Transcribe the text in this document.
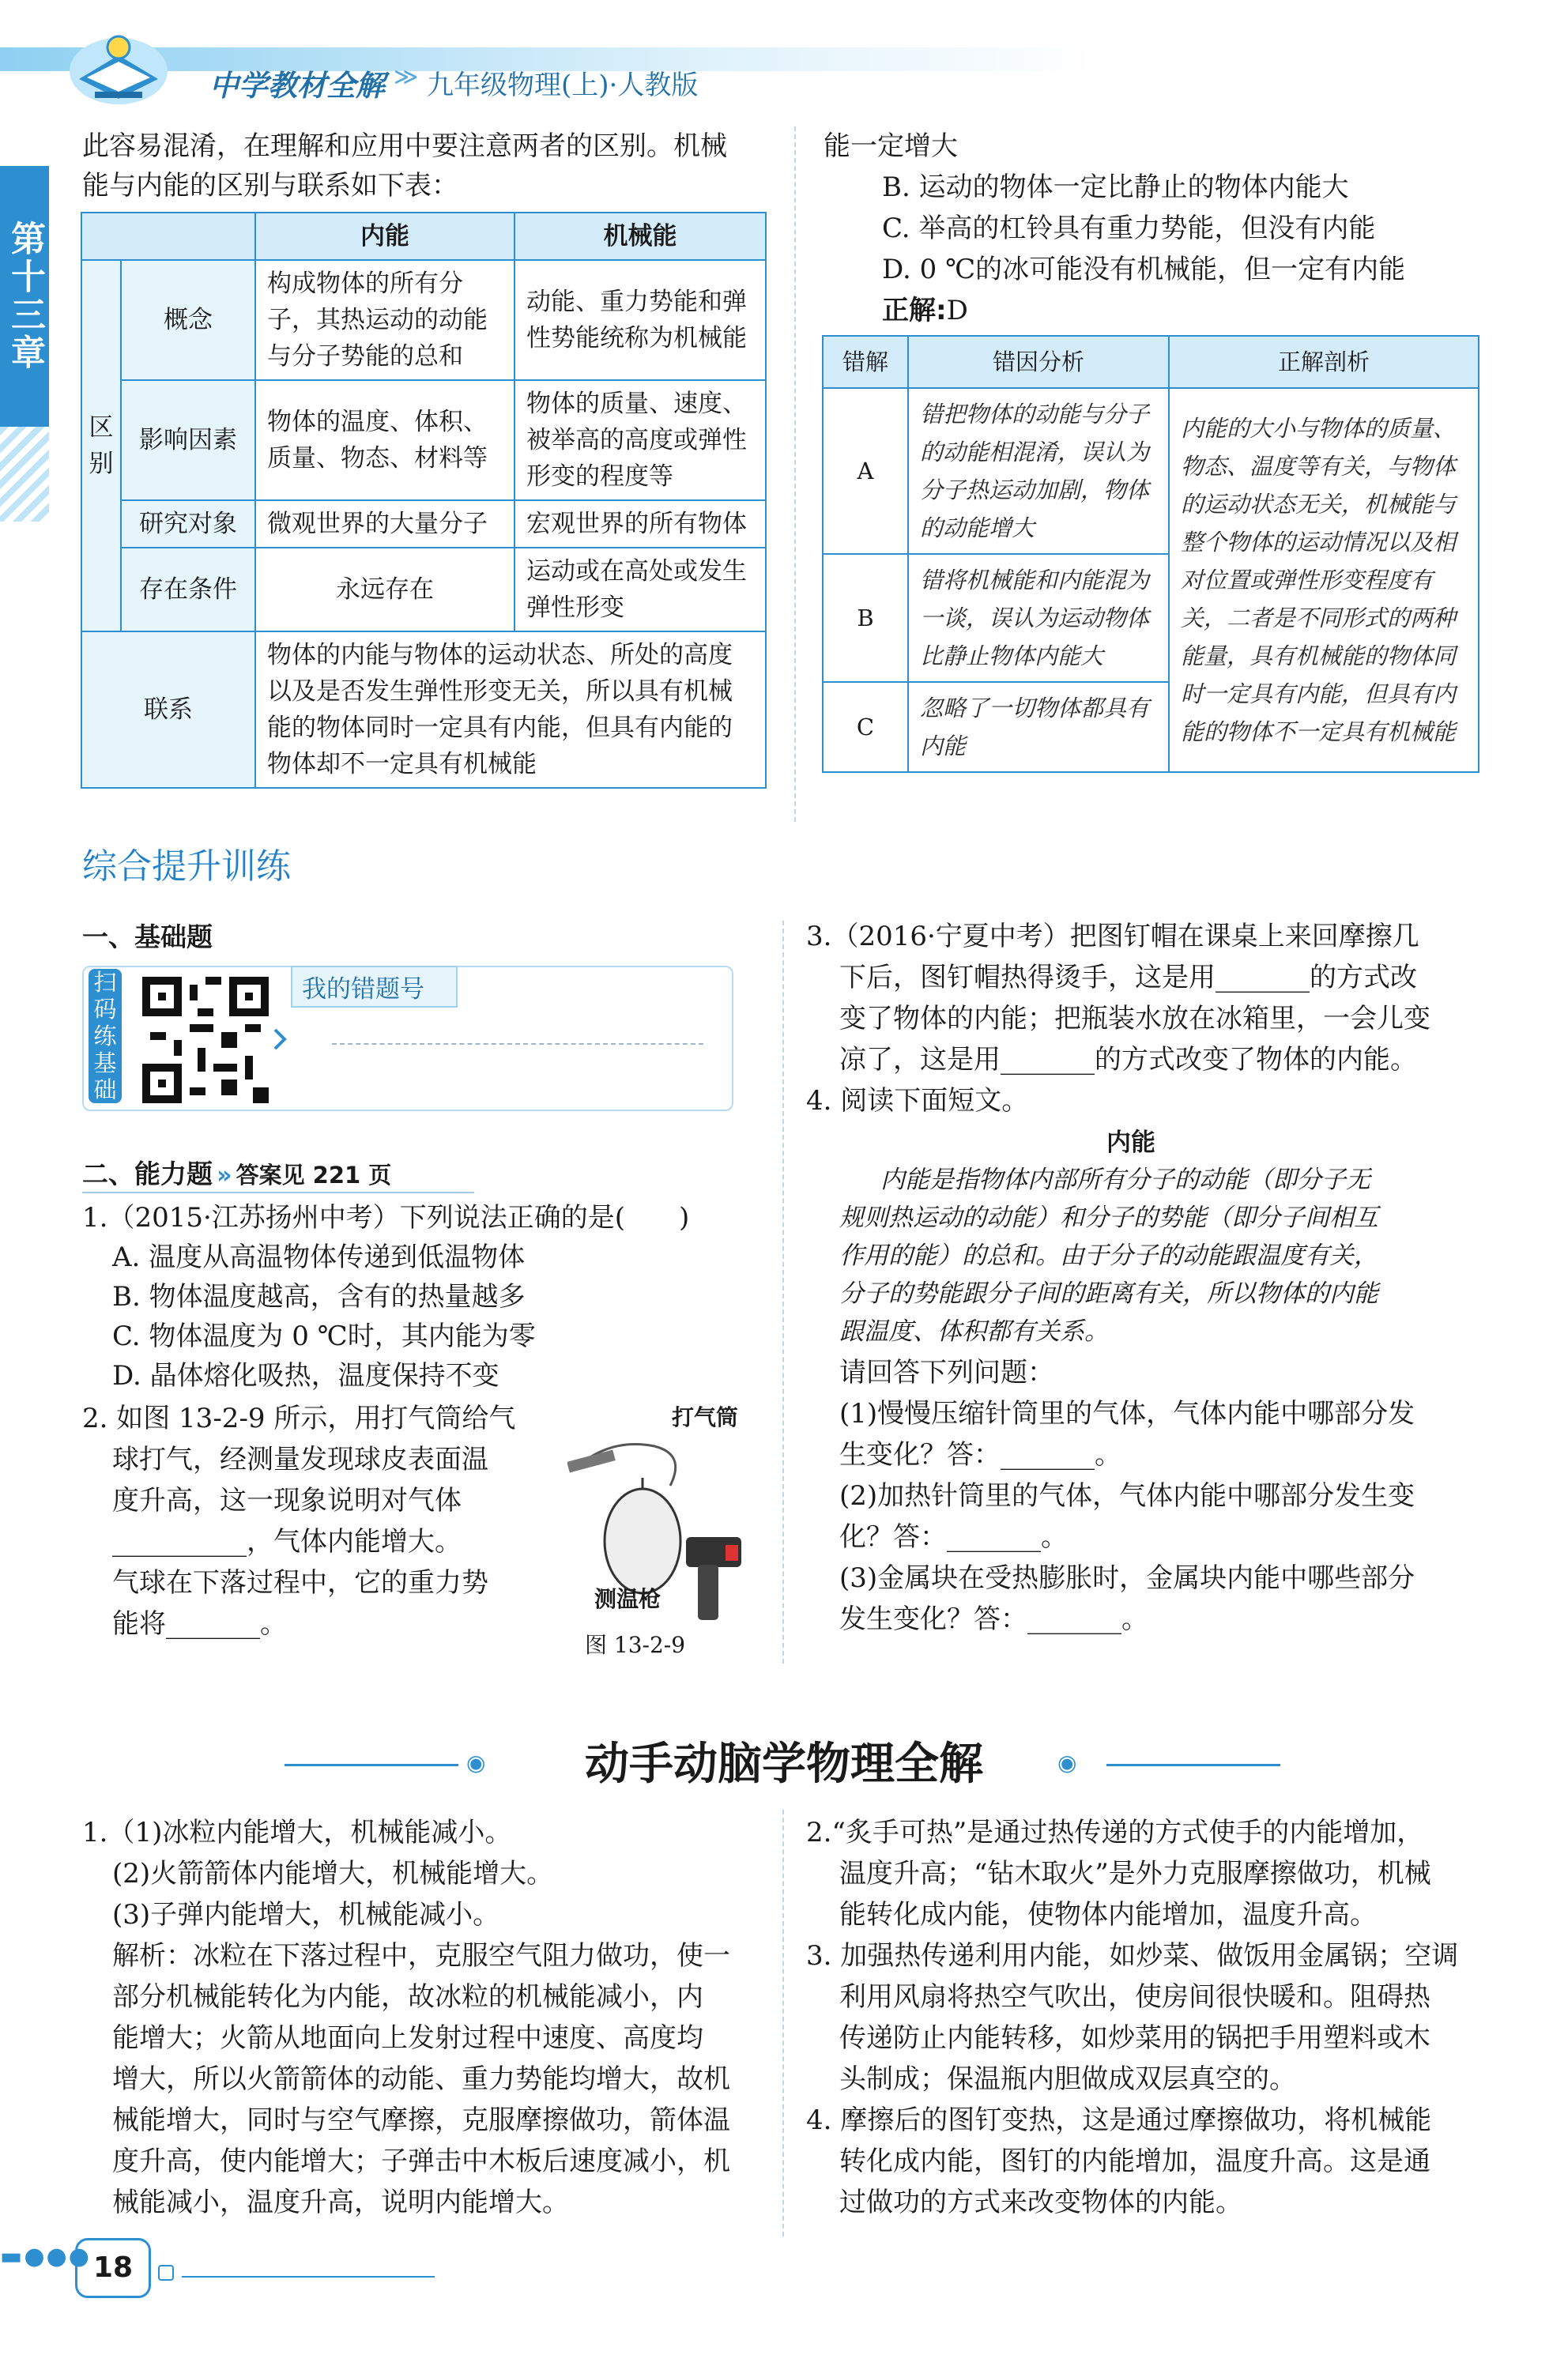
中学教材全解 ≫ 九年级物理(上)·人教版
第十三章
此容易混淆，在理解和应用中要注意两者的区别。机械
能与内能的区别与联系如下表：
		内能	机械能
区别	概念	构成物体的所有分子，其热运动的动能与分子势能的总和	动能、重力势能和弹性势能统称为机械能
	影响因素	物体的温度、体积、质量、物态、材料等	物体的质量、速度、被举高的高度或弹性形变的程度等
	研究对象	微观世界的大量分子	宏观世界的所有物体
	存在条件	永远存在	运动或在高处或发生弹性形变
联系		物体的内能与物体的运动状态、所处的高度以及是否发生弹性形变无关，所以具有机械能的物体同时一定具有内能，但具有内能的物体却不一定具有机械能	
能一定增大
B. 运动的物体一定比静止的物体内能大
C. 举高的杠铃具有重力势能，但没有内能
D. 0 ℃的冰可能没有机械能，但一定有内能
正解:D
错解	错因分析	正解剖析
A	错把物体的动能与分子的动能相混淆，误认为分子热运动加剧，物体的动能增大	内能的大小与物体的质量、物态、温度等有关，与物体的运动状态无关，机械能与整个物体的运动情况以及相对位置或弹性形变程度有关，二者是不同形式的两种能量，具有机械能的物体同时一定具有内能，但具有内能的物体不一定具有机械能
B	错将机械能和内能混为一谈，误认为运动物体比静止物体内能大	
C	忽略了一切物体都具有内能	
综合提升训练
一、基础题
扫码练基础
我的错题号
二、能力题 » 答案见 221 页
1.（2015·江苏扬州中考）下列说法正确的是(　　)
A. 温度从高温物体传递到低温物体
B. 物体温度越高，含有的热量越多
C. 物体温度为 0 ℃时，其内能为零
D. 晶体熔化吸热，温度保持不变
2. 如图 13-2-9 所示，用打气筒给气
球打气，经测量发现球皮表面温
度升高，这一现象说明对气体
__________，气体内能增大。
气球在下落过程中，它的重力势
能将_______。
打气筒
测温枪
图 13-2-9
3.（2016·宁夏中考）把图钉帽在课桌上来回摩擦几
下后，图钉帽热得烫手，这是用_______的方式改
变了物体的内能；把瓶装水放在冰箱里，一会儿变
凉了，这是用_______的方式改变了物体的内能。
4. 阅读下面短文。
内能
内能是指物体内部所有分子的动能（即分子无
规则热运动的动能）和分子的势能（即分子间相互
作用的能）的总和。由于分子的动能跟温度有关，
分子的势能跟分子间的距离有关，所以物体的内能
跟温度、体积都有关系。
请回答下列问题：
(1)慢慢压缩针筒里的气体，气体内能中哪部分发
生变化？答：_______。
(2)加热针筒里的气体，气体内能中哪部分发生变
化？答：_______。
(3)金属块在受热膨胀时，金属块内能中哪些部分
发生变化？答：_______。
◉	◉
动手动脑学物理全解
1.（1)冰粒内能增大，机械能减小。
(2)火箭箭体内能增大，机械能增大。
(3)子弹内能增大，机械能减小。
解析：冰粒在下落过程中，克服空气阻力做功，使一
部分机械能转化为内能，故冰粒的机械能减小，内
能增大；火箭从地面向上发射过程中速度、高度均
增大，所以火箭箭体的动能、重力势能均增大，故机
械能增大，同时与空气摩擦，克服摩擦做功，箭体温
度升高，使内能增大；子弹击中木板后速度减小，机
械能减小，温度升高，说明内能增大。
2.“炙手可热”是通过热传递的方式使手的内能增加，
温度升高；“钻木取火”是外力克服摩擦做功，机械
能转化成内能，使物体内能增加，温度升高。
3. 加强热传递利用内能，如炒菜、做饭用金属锅；空调
利用风扇将热空气吹出，使房间很快暖和。阻碍热
传递防止内能转移，如炒菜用的锅把手用塑料或木
头制成；保温瓶内胆做成双层真空的。
4. 摩擦后的图钉变热，这是通过摩擦做功，将机械能
转化成内能，图钉的内能增加，温度升高。这是通
过做功的方式来改变物体的内能。
▬●●● 18
